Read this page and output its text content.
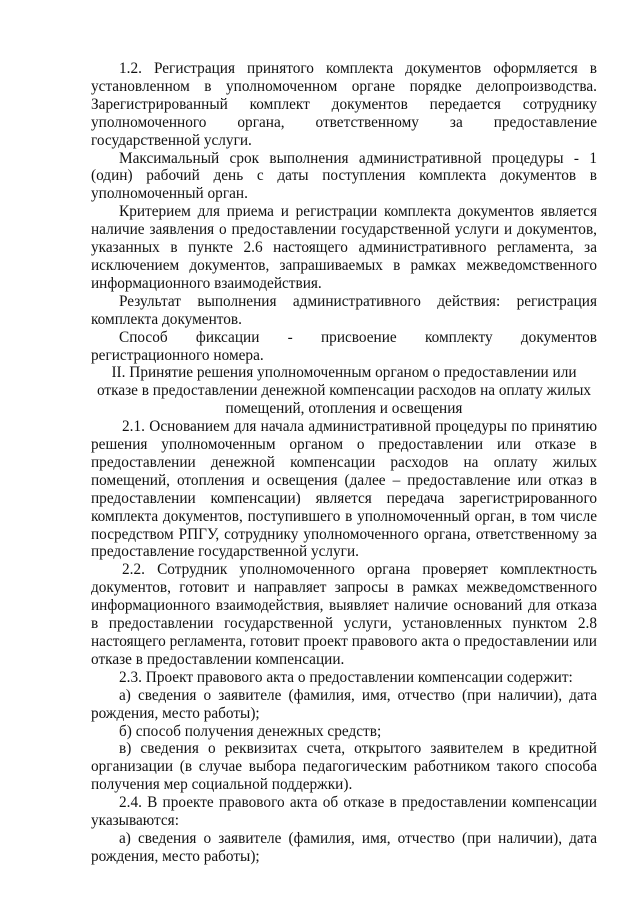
1.2. Регистрация принятого комплекта документов оформляется в установленном в уполномоченном органе порядке делопроизводства. Зарегистрированный комплект документов передается сотруднику уполномоченного органа, ответственному за предоставление государственной услуги.

Максимальный срок выполнения административной процедуры - 1 (один) рабочий день с даты поступления комплекта документов в уполномоченный орган.

Критерием для приема и регистрации комплекта документов является наличие заявления о предоставлении государственной услуги и документов, указанных в пункте 2.6 настоящего административного регламента, за исключением документов, запрашиваемых в рамках межведомственного информационного взаимодействия.

Результат выполнения административного действия: регистрация комплекта документов.

Способ фиксации - присвоение комплекту документов регистрационного номера.

II. Принятие решения уполномоченным органом о предоставлении или отказе в предоставлении денежной компенсации расходов на оплату жилых помещений, отопления и освещения

2.1. Основанием для начала административной процедуры по принятию решения уполномоченным органом о предоставлении или отказе в предоставлении денежной компенсации расходов на оплату жилых помещений, отопления и освещения (далее – предоставление или отказ в предоставлении компенсации) является передача зарегистрированного комплекта документов, поступившего в уполномоченный орган, в том числе посредством РПГУ, сотруднику уполномоченного органа, ответственному за предоставление государственной услуги.

2.2. Сотрудник уполномоченного органа проверяет комплектность документов, готовит и направляет запросы в рамках межведомственного информационного взаимодействия, выявляет наличие оснований для отказа в предоставлении государственной услуги, установленных пунктом 2.8 настоящего регламента, готовит проект правового акта о предоставлении или отказе в предоставлении компенсации.

2.3. Проект правового акта о предоставлении компенсации содержит:

а) сведения о заявителе (фамилия, имя, отчество (при наличии), дата рождения, место работы);

б) способ получения денежных средств;

в) сведения о реквизитах счета, открытого заявителем в кредитной организации (в случае выбора педагогическим работником такого способа получения мер социальной поддержки).

2.4. В проекте правового акта об отказе в предоставлении компенсации указываются:

а) сведения о заявителе (фамилия, имя, отчество (при наличии), дата рождения, место работы);
